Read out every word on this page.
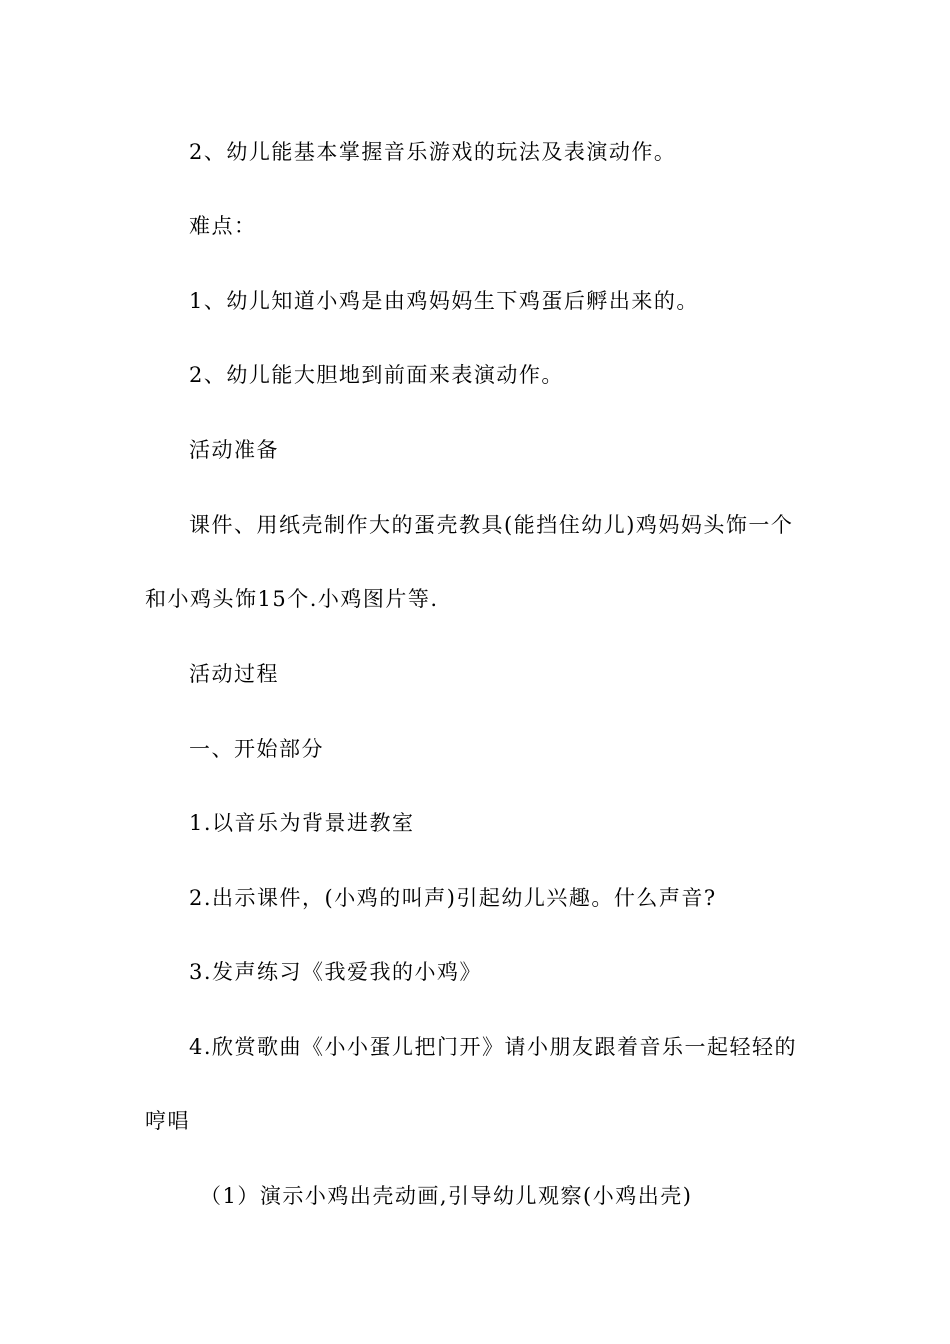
2、幼儿能基本掌握音乐游戏的玩法及表演动作。
难点：
1、幼儿知道小鸡是由鸡妈妈生下鸡蛋后孵出来的。
2、幼儿能大胆地到前面来表演动作。
活动准备
课件、用纸壳制作大的蛋壳教具(能挡住幼儿)鸡妈妈头饰一个
和小鸡头饰15个.小鸡图片等.
活动过程
一、开始部分
1.以音乐为背景进教室
2.出示课件，(小鸡的叫声)引起幼儿兴趣。什么声音?
3.发声练习《我爱我的小鸡》
4.欣赏歌曲《小小蛋儿把门开》请小朋友跟着音乐一起轻轻的
哼唱
（1）演示小鸡出壳动画,引导幼儿观察(小鸡出壳)
